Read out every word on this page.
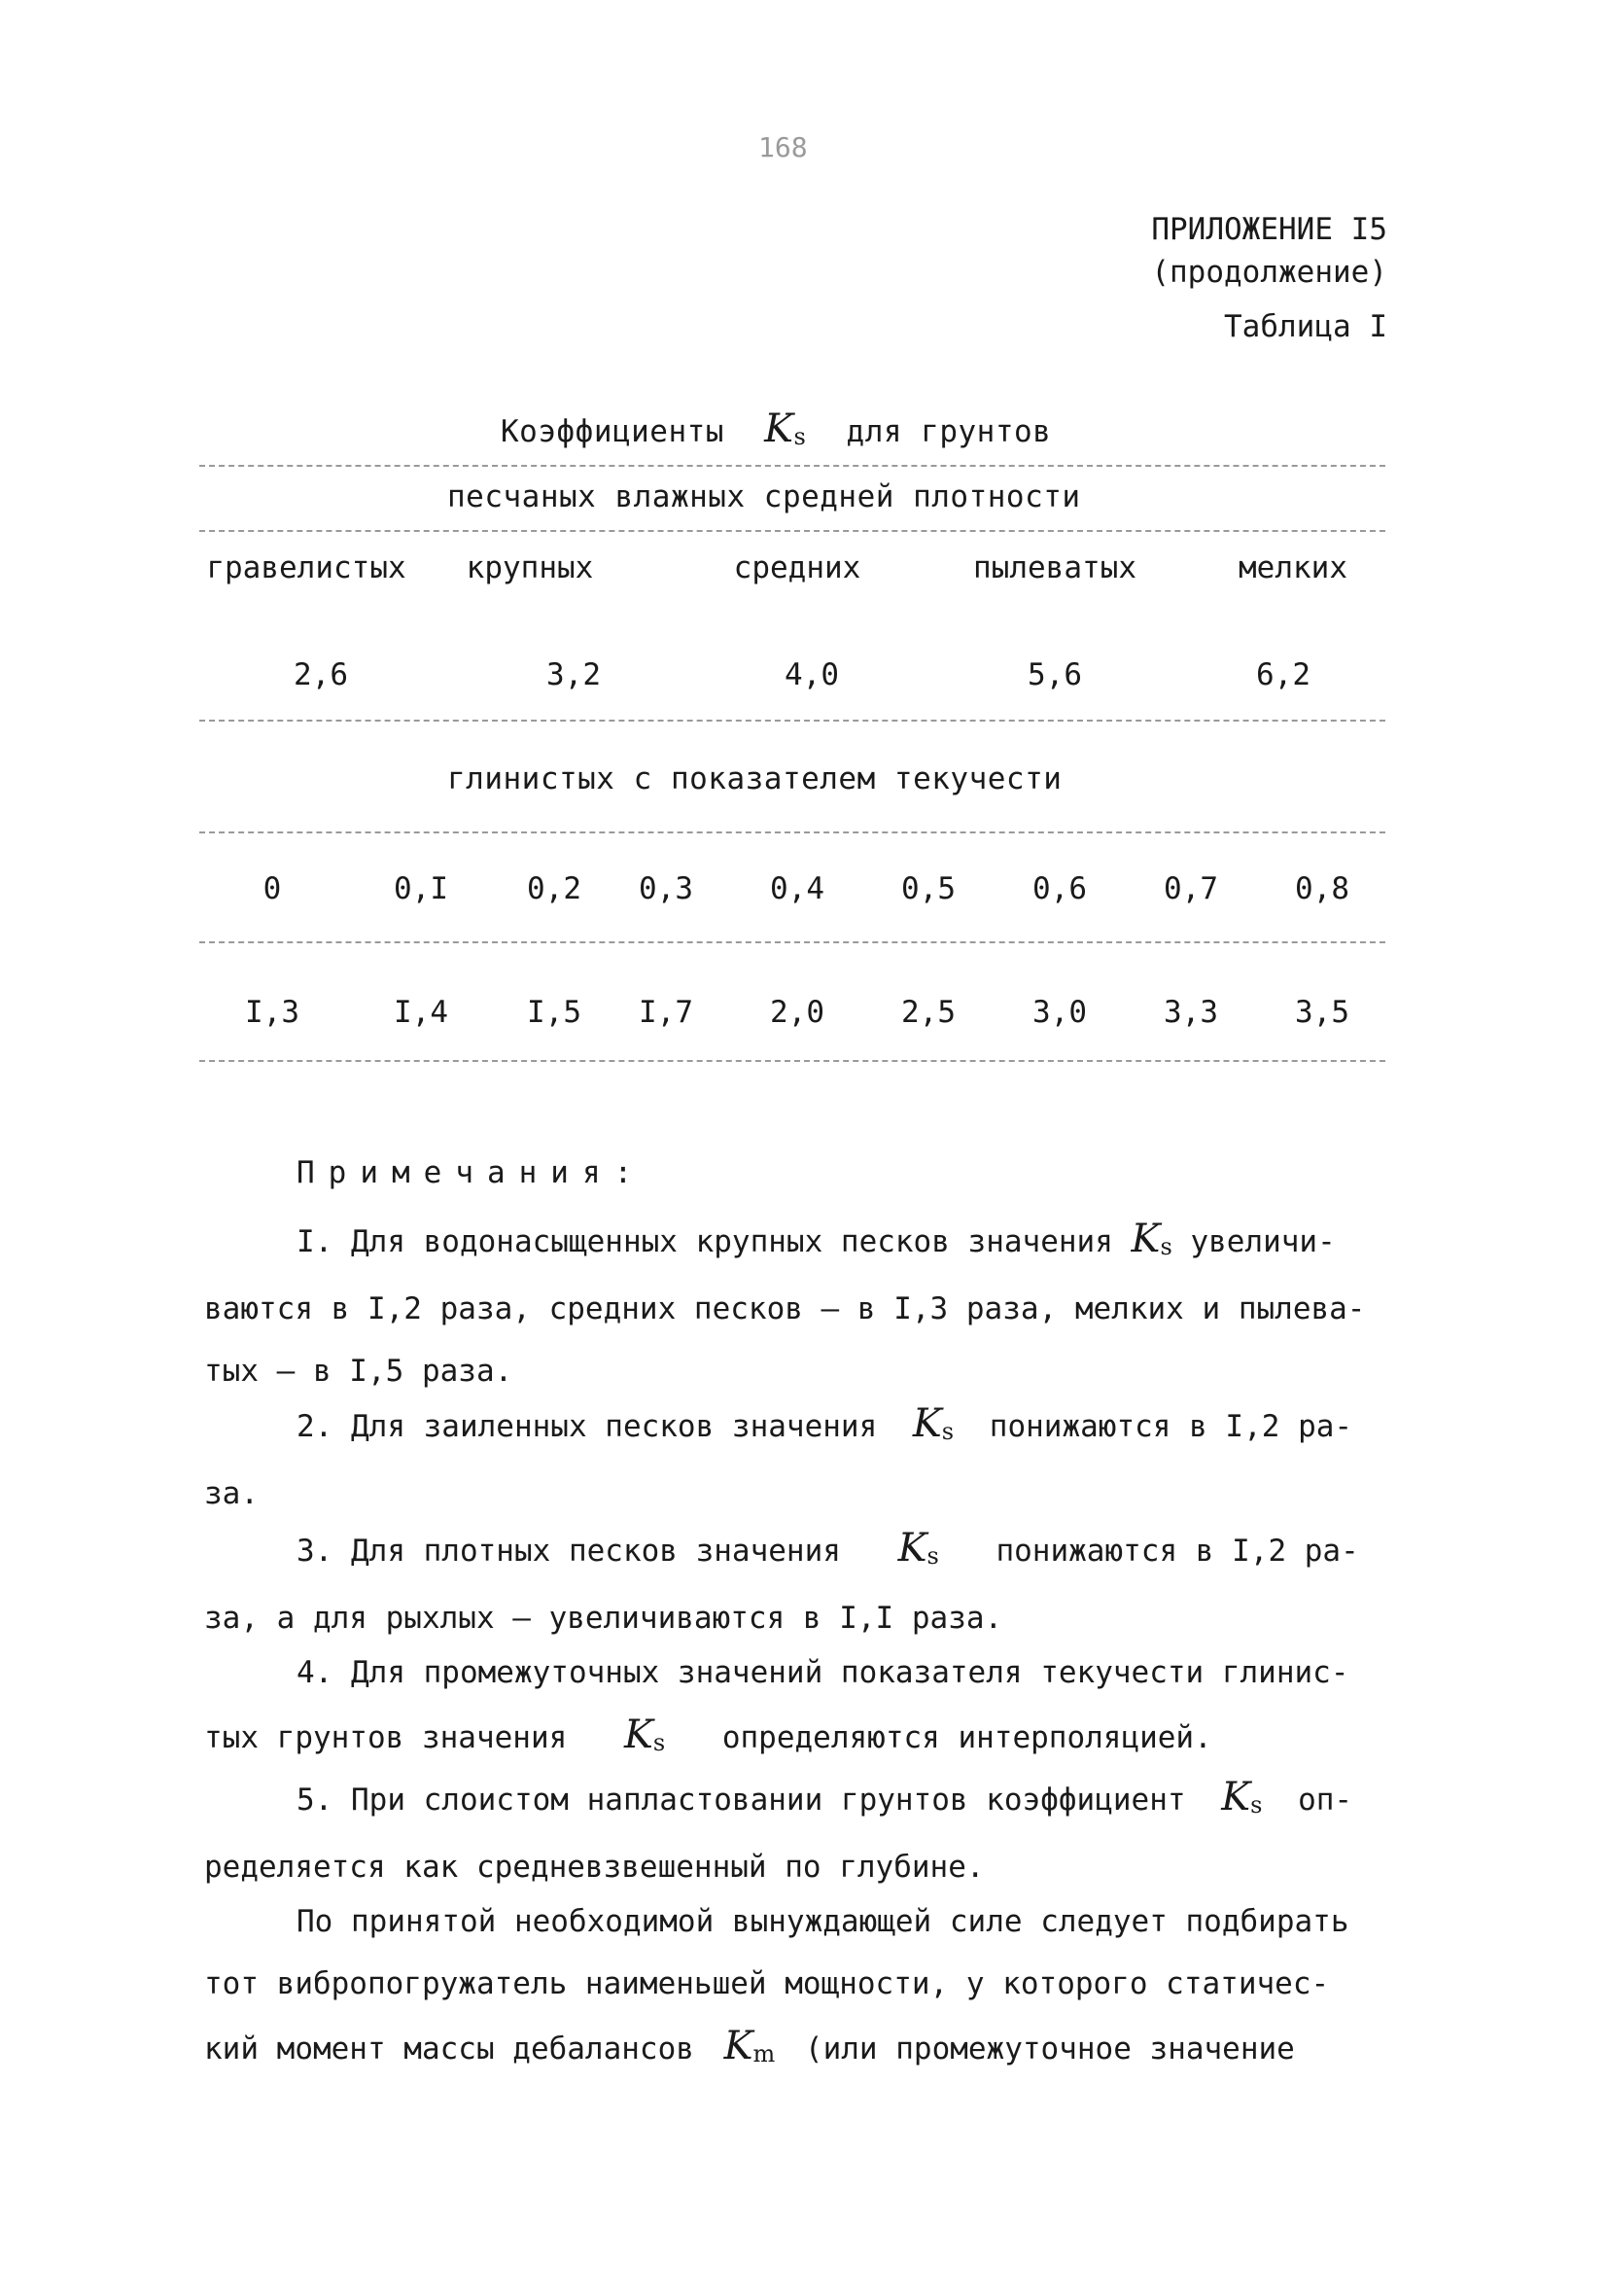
168
ПРИЛОЖЕНИЕ I5
(продолжение)
Таблица I
Коэффициенты $K_s$ для грунтов
песчаных влажных средней плотности
гравелистых крупных	средних	пылеватых	мелких
2,6	3,2	4,0	5,6	6,2
глинистых с показателем текучести
0	0,I	0,2 0,3	0,4	0,5	0,6	0,7	0,8
I,3	I,4	I,5 I,7	2,0	2,5	3,0	3,3	3,5
Примечания:
I. Для водонасыщенных крупных песков значения $K_s$ увеличи-
ваются в I,2 раза, средних песков – в I,3 раза, мелких и пылева-
тых – в I,5 раза.
2. Для заиленных песков значения $K_s$ понижаются в I,2 ра-
за.
3. Для плотных песков значения $K_s$ понижаются в I,2 ра-
за, а для рыхлых – увеличиваются в I,I раза.
4. Для промежуточных значений показателя текучести глинис-
тых грунтов значения $K_s$ определяются интерполяцией.
5. При слоистом напластовании грунтов коэффициент $K_s$ оп-
ределяется как средневзвешенный по глубине.
По принятой необходимой вынуждающей силе следует подбирать
тот вибропогружатель наименьшей мощности, у которого статичес-
кий момент массы дебалансов $K_m$ (или промежуточное значение
